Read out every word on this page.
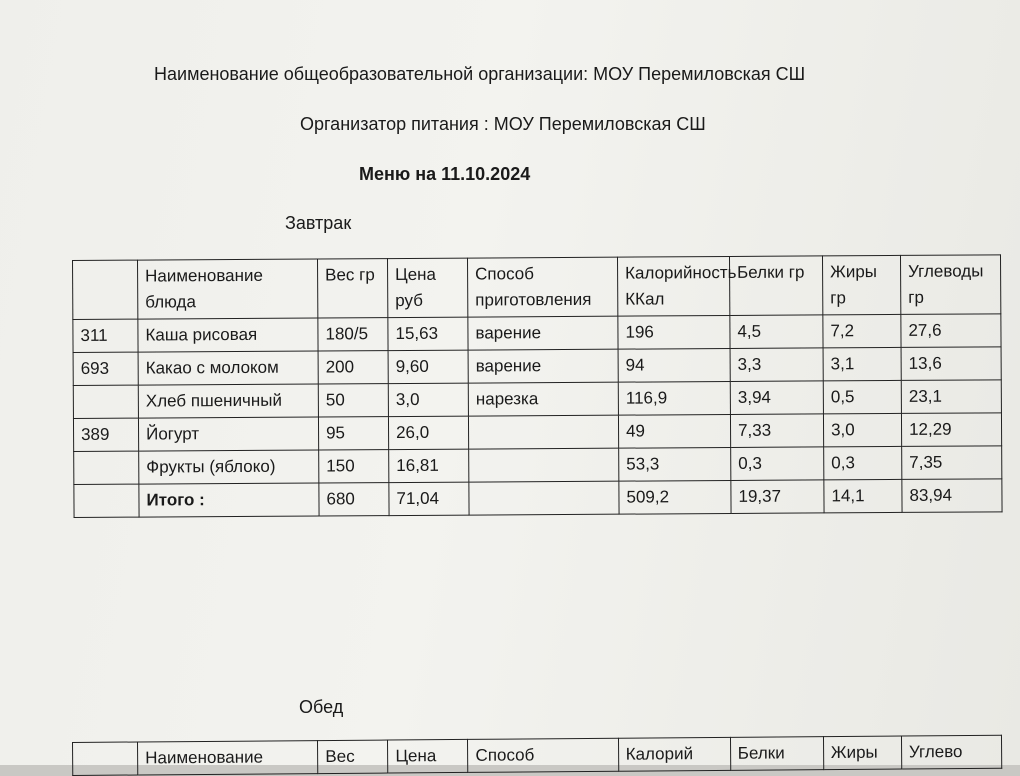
Наименование общеобразовательной организации: МОУ Перемиловская СШ
Организатор питания : МОУ Перемиловская СШ
Меню на 11.10.2024
Завтрак
	Наименование блюда	Вес гр	Цена руб	Способ приготовления	Калорийность ККал	Белки гр	Жиры гр	Углеводы гр
311	Каша рисовая	180/5	15,63	варение	196	4,5	7,2	27,6
693	Какао с молоком	200	9,60	варение	94	3,3	3,1	13,6
	Хлеб пшеничный	50	3,0	нарезка	116,9	3,94	0,5	23,1
389	Йогурт	95	26,0		49	7,33	3,0	12,29
	Фрукты (яблоко)	150	16,81		53,3	0,3	0,3	7,35
	Итого :	680	71,04		509,2	19,37	14,1	83,94
Обед
	Наименование	Вес	Цена	Способ	Калорий	Белки	Жиры	Углево
